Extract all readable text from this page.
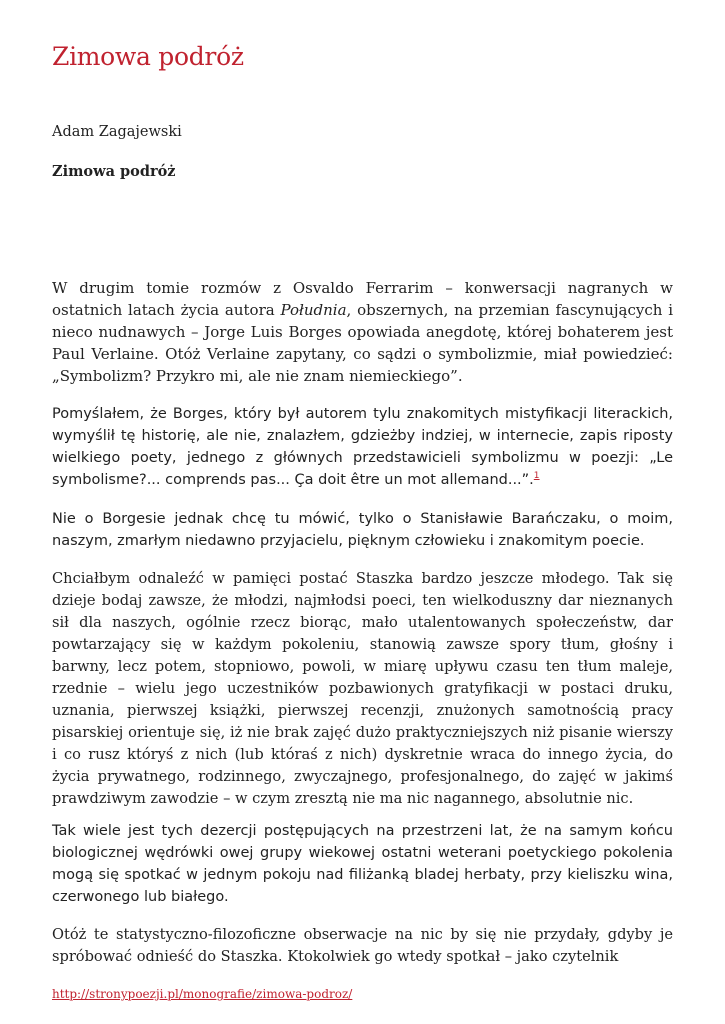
Zimowa podróż
Adam Zagajewski
Zimowa podróż

W drugim tomie rozmów z Osvaldo Ferrarim – konwersacji nagranych w ostatnich latach życia autora Południa, obszernych, na przemian fascynujących i nieco nudnawych – Jorge Luis Borges opowiada anegdotę, której bohaterem jest Paul Verlaine. Otóż Verlaine zapytany, co sądzi o symbolizmie, miał powiedzieć: „Symbolizm? Przykro mi, ale nie znam niemieckiego”.

Pomyślałem, że Borges, który był autorem tylu znakomitych mistyfikacji literackich, wymyślił tę historię, ale nie, znalazłem, gdzieżby indziej, w internecie, zapis riposty wielkiego poety, jednego z głównych przedstawicieli symbolizmu w poezji: „Le symbolisme?... comprends pas... Ça doit être un mot allemand...”.$^1$

Nie o Borgesie jednak chcę tu mówić, tylko o Stanisławie Barańczaku, o moim, naszym, zmarłym niedawno przyjacielu, pięknym człowieku i znakomitym poecie.

Chciałbym odnaleźć w pamięci postać Staszka bardzo jeszcze młodego. Tak się dzieje bodaj zawsze, że młodzi, najmłodsi poeci, ten wielkoduszny dar nieznanych sił dla naszych, ogólnie rzecz biorąc, mało utalentowanych społeczeństw, dar powtarzający się w każdym pokoleniu, stanowią zawsze spory tłum, głośny i barwny, lecz potem, stopniowo, powoli, w miarę upływu czasu ten tłum maleje, rzednie – wielu jego uczestników pozbawionych gratyfikacji w postaci druku, uznania, pierwszej książki, pierwszej recenzji, znużonych samotnością pracy pisarskiej orientuje się, iż nie brak zajęć dużo praktyczniejszych niż pisanie wierszy i co rusz któryś z nich (lub któraś z nich) dyskretnie wraca do innego życia, do życia prywatnego, rodzinnego, zwyczajnego, profesjonalnego, do zajęć w jakimś prawdziwym zawodzie – w czym zresztą nie ma nic nagannego, absolutnie nic.

Tak wiele jest tych dezercji postępujących na przestrzeni lat, że na samym końcu biologicznej wędrówki owej grupy wiekowej ostatni weterani poetyckiego pokolenia mogą się spotkać w jednym pokoju nad filiżanką bladej herbaty, przy kieliszku wina, czerwonego lub białego.

Otóż te statystyczno-filozoficzne obserwacje na nic by się nie przydały, gdyby je spróbować odnieść do Staszka. Ktokolwiek go wtedy spotkał – jako czytelnik

http://stronypoezji.pl/monografie/zimowa-podroz/
